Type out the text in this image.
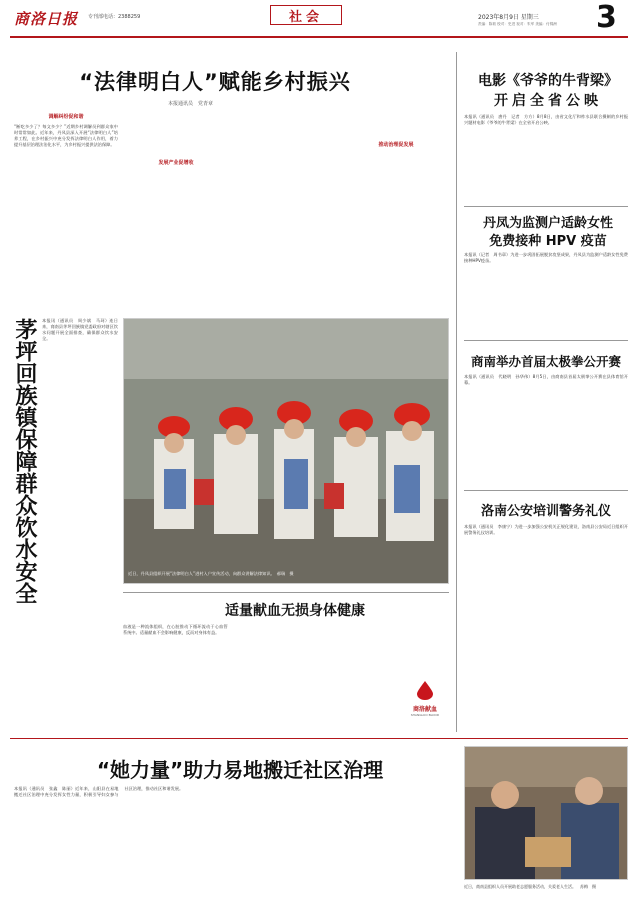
商洛日报 专刊部电话：2388259	社会	2023年8月9日 星期三
责编：陈莉 校对：史进 视对：朱军 美编：付锦洲 3
“法律明白人”赋能乡村振兴
本报通讯员　党青章
调解纠纷促和谐
“断吃多少了？每文多少？”近期乡村调解员到群众家中时常常如此。近年来，丹凤县深入开展“法律明白人”培养工程，在乡村振兴中充分发挥法律明白人作用，着力提升基层治理法治化水平，为乡村振兴提供法治保障。
发展产业促增收
推动治理促发展
茅坪回族镇保障群众饮水安全 本报讯（通讯员　周少斌　马珂）连日来，商南县茅坪回族镇党委政府对辖区饮水问题开展全面排查，确保群众饮水安全。
近日，丹凤县组织开展“法律明白人”进村入户宣传活动，向群众讲解法律知识。　郝瑞　摄
适量献血无损身体健康
血液是一种流体组织，在心脏推动下循环流动于心血管系统中。适量献血不会影响健康，反而对身体有益。
商洛献血
SHANGLUO BLOOD
电影《爷爷的牛背梁》
开启全省公映
本报讯（通讯员　唐丹　记者　方方）8月8日，由省文化厅和柞水县联合摄制的乡村振兴题材电影《爷爷的牛背梁》在全省开启公映。
丹凤为监测户适龄女性
免费接种 HPV 疫苗
本报讯（记者　周书章）为进一步巩固拓展脱贫攻坚成果，丹凤县为监测户适龄女性免费接种HPV疫苗。
商南举办首届太极拳公开赛
本报讯（通讯员　代晓明　孙华伟）8月5日，由商南县首届太极拳公开赛在县体育馆开幕。
洛南公安培训警务礼仪
本报讯（通讯员　李康宁）为进一步加强公安机关正规化建设，洛南县公安局近日组织开展警务礼仪培训。
“她力量”助力易地搬迁社区治理
本报讯（通讯员　张鑫　陈丽）近年来，山阳县在易地搬迁社区治理中充分发挥女性力量，积极引导妇女参与社区治理，推动社区和谐发展。
近日，商南县组织人员开展助老志愿服务活动，关爱老人生活。　苏梅　摄
